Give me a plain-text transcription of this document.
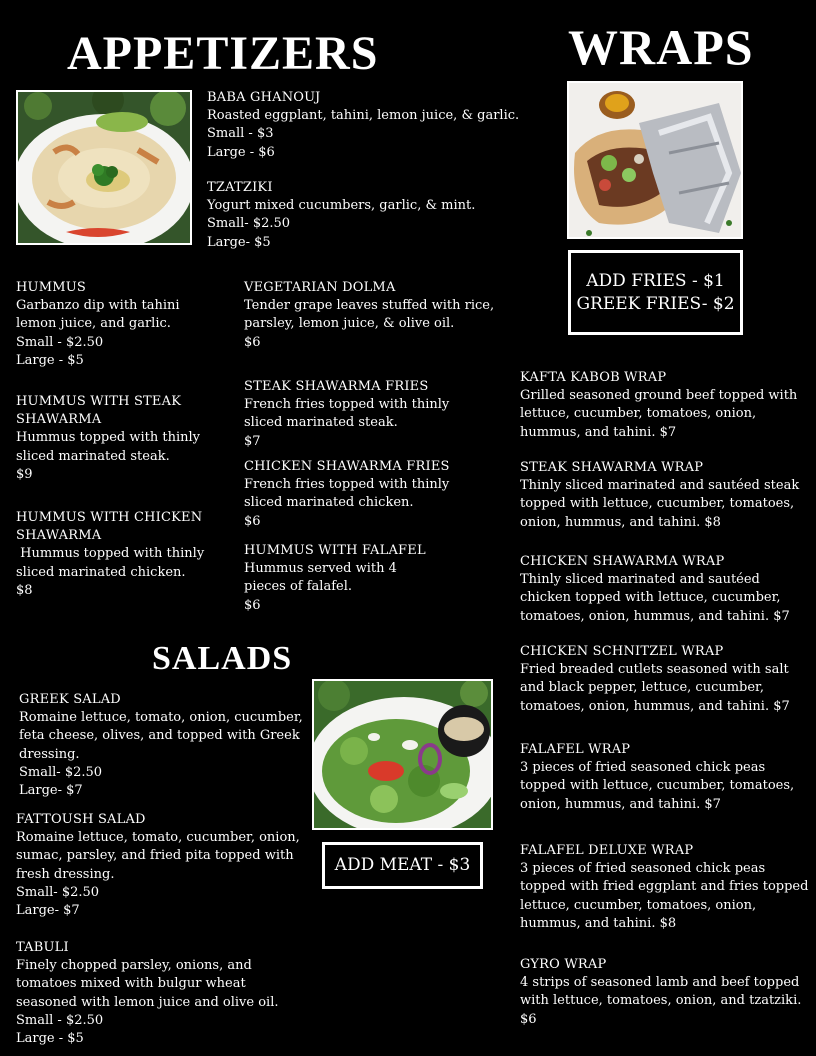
APPETIZERS	WRAPS
SALADS
ADD FRIES - $1
GREEK FRIES- $2
ADD MEAT - $3
BABA GHANOUJ
Roasted eggplant, tahini, lemon juice, & garlic.
Small - $3
Large - $6
TZATZIKI
Yogurt mixed cucumbers, garlic, & mint.
Small- $2.50
Large- $5
HUMMUS
Garbanzo dip with tahini
lemon juice, and garlic.
Small - $2.50
Large - $5
VEGETARIAN DOLMA
Tender grape leaves stuffed with rice,
parsley, lemon juice, & olive oil.
$6
HUMMUS WITH STEAK
SHAWARMA
Hummus topped with thinly
sliced marinated steak.
$9
STEAK SHAWARMA FRIES
French fries topped with thinly
sliced marinated steak.
$7
CHICKEN SHAWARMA FRIES
French fries topped with thinly
sliced marinated chicken.
$6
HUMMUS WITH CHICKEN
SHAWARMA
Hummus topped with thinly
sliced marinated chicken.
$8
HUMMUS WITH FALAFEL
Hummus served with 4
pieces of falafel.
$6
GREEK SALAD
Romaine lettuce, tomato, onion, cucumber,
feta cheese, olives, and topped with Greek
dressing.
Small- $2.50
Large- $7
FATTOUSH SALAD
Romaine lettuce, tomato, cucumber, onion,
sumac, parsley, and fried pita topped with
fresh dressing.
Small- $2.50
Large- $7
TABULI
Finely chopped parsley, onions, and
tomatoes mixed with bulgur wheat
seasoned with lemon juice and olive oil.
Small - $2.50
Large - $5
KAFTA KABOB WRAP
Grilled seasoned ground beef topped with
lettuce, cucumber, tomatoes, onion,
hummus, and tahini. $7
STEAK SHAWARMA WRAP
Thinly sliced marinated and sautéed steak
topped with lettuce, cucumber, tomatoes,
onion, hummus, and tahini. $8
CHICKEN SHAWARMA WRAP
Thinly sliced marinated and sautéed
chicken topped with lettuce, cucumber,
tomatoes, onion, hummus, and tahini. $7
CHICKEN SCHNITZEL WRAP
Fried breaded cutlets seasoned with salt
and black pepper, lettuce, cucumber,
tomatoes, onion, hummus, and tahini. $7
FALAFEL WRAP
3 pieces of fried seasoned chick peas
topped with lettuce, cucumber, tomatoes,
onion, hummus, and tahini. $7
FALAFEL DELUXE WRAP
3 pieces of fried seasoned chick peas
topped with fried eggplant and fries topped
lettuce, cucumber, tomatoes, onion,
hummus, and tahini. $8
GYRO WRAP
4 strips of seasoned lamb and beef topped
with lettuce, tomatoes, onion, and tzatziki.
$6
